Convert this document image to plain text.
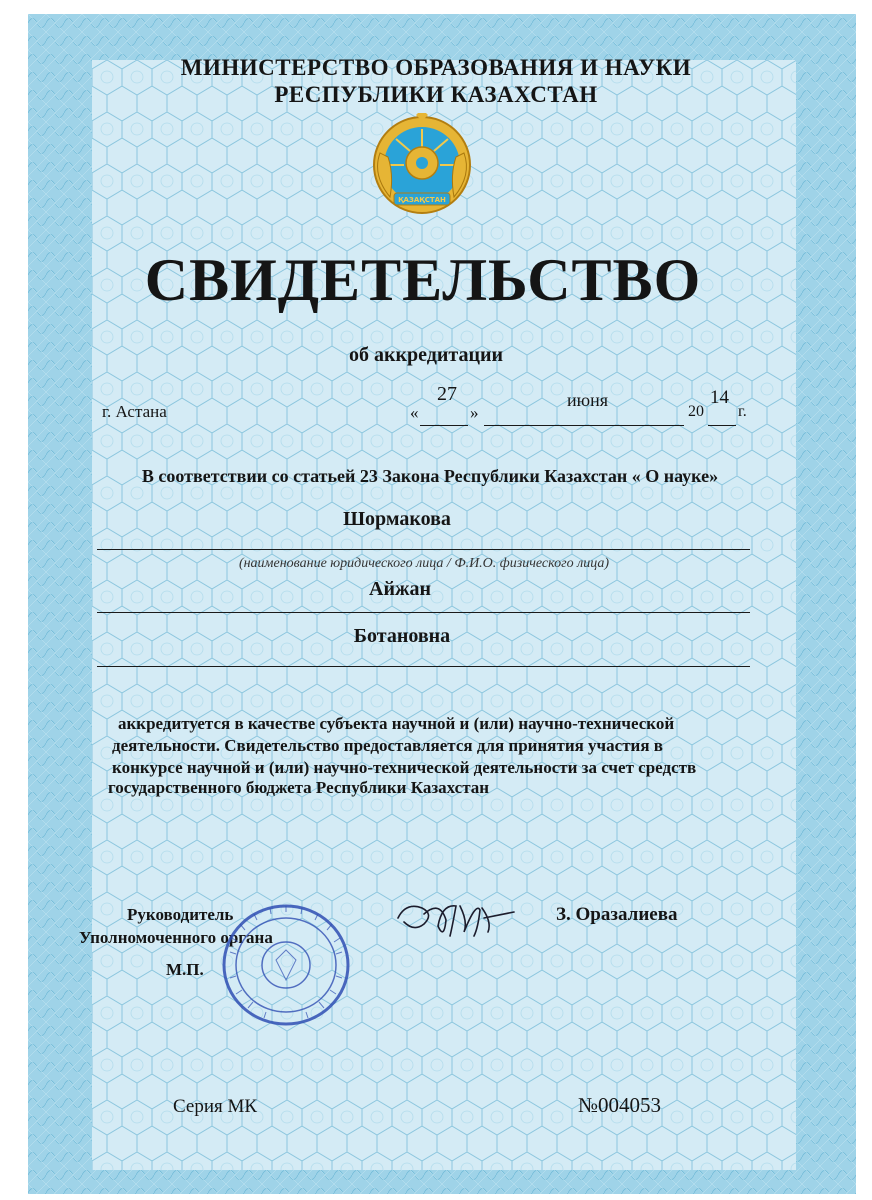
МИНИСТЕРСТВО ОБРАЗОВАНИЯ И НАУКИ
РЕСПУБЛИКИ КАЗАХСТАН
ҚАЗАҚСТАН
СВИДЕТЕЛЬСТВО
об аккредитации
г. Астана	«
27
»
июня
20
14
г.
В соответствии со статьей 23 Закона Республики Казахстан « О науке»
Шормакова
(наименование юридического лица / Ф.И.О. физического лица)
Айжан
Ботановна
аккредитуется в качестве субъекта научной и (или) научно-технической
деятельности. Свидетельство предоставляется для принятия участия в
конкурсе научной и (или) научно-технической деятельности за счет средств
государственного бюджета Республики Казахстан
Руководитель
Уполномоченного органа
М.П.
З. Оразалиева
Серия МК	№004053
